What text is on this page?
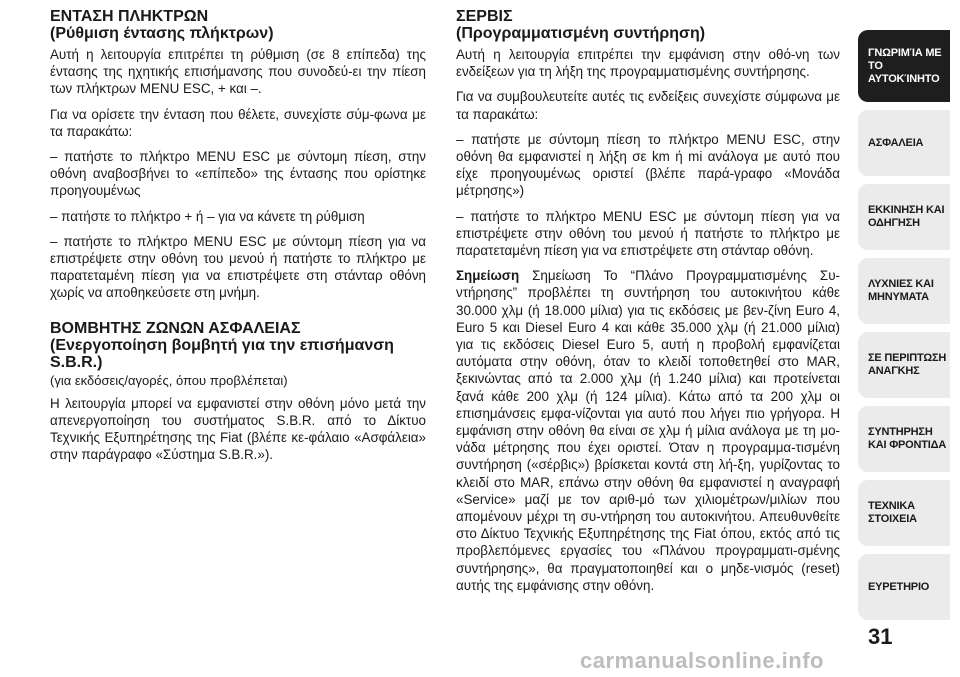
ΕΝΤΑΣΗ ΠΛΗΚΤΡΩΝ
(Ρύθμιση έντασης πλήκτρων)

Αυτή η λειτουργία επιτρέπει τη ρύθμιση (σε 8 επίπεδα) της έντασης της ηχητικής επισήμανσης που συνοδεύ-ει την πίεση των πλήκτρων MENU ESC, + και –.

Για να ορίσετε την ένταση που θέλετε, συνεχίστε σύμ-φωνα με τα παρακάτω:

– πατήστε το πλήκτρο MENU ESC με σύντομη πίεση, στην οθόνη αναβοσβήνει το «επίπεδο» της έντασης που ορίστηκε προηγουμένως

– πατήστε το πλήκτρο + ή – για να κάνετε τη ρύθμιση

– πατήστε το πλήκτρο MENU ESC με σύντομη πίεση για να επιστρέψετε στην οθόνη του μενού ή πατήστε το πλήκτρο με παρατεταμένη πίεση για να επιστρέψετε στη στάνταρ οθόνη χωρίς να αποθηκεύσετε στη μνήμη.

ΒΟΜΒΗΤΗΣ ΖΩΝΩΝ ΑΣΦΑΛΕΙΑΣ
(Ενεργοποίηση βομβητή για την επισήμανση S.B.R.)
(για εκδόσεις/αγορές, όπου προβλέπεται)

Η λειτουργία μπορεί να εμφανιστεί στην οθόνη μόνο μετά την απενεργοποίηση του συστήματος S.B.R. από το Δίκτυο Τεχνικής Εξυπηρέτησης της Fiat (βλέπε κε-φάλαιο «Ασφάλεια» στην παράγραφο «Σύστημα S.B.R.»).

ΣΕΡΒΙΣ
(Προγραμματισμένη συντήρηση)

Αυτή η λειτουργία επιτρέπει την εμφάνιση στην οθό-νη των ενδείξεων για τη λήξη της προγραμματισμένης συντήρησης.

Για να συμβουλευτείτε αυτές τις ενδείξεις συνεχίστε σύμφωνα με τα παρακάτω:

– πατήστε με σύντομη πίεση το πλήκτρο MENU ESC, στην οθόνη θα εμφανιστεί η λήξη σε km ή mi ανάλογα με αυτό που είχε προηγουμένως οριστεί (βλέπε παρά-γραφο «Μονάδα μέτρησης»)

– πατήστε το πλήκτρο MENU ESC με σύντομη πίεση για να επιστρέψετε στην οθόνη του μενού ή πατήστε το πλήκτρο με παρατεταμένη πίεση για να επιστρέψετε στη στάνταρ οθόνη.

Σημείωση Σημείωση Το “Πλάνο Προγραμματισμένης Συ-ντήρησης” προβλέπει τη συντήρηση του αυτοκινήτου κάθε 30.000 χλμ (ή 18.000 μίλια) για τις εκδόσεις με βεν-ζίνη Euro 4, Euro 5 και Diesel Euro 4 και κάθε 35.000 χλμ (ή 21.000 μίλια) για τις εκδόσεις Diesel Euro 5, αυτή η προβολή εμφανίζεται αυτόματα στην οθόνη, όταν το κλειδί τοποθετηθεί στο MAR, ξεκινώντας από τα 2.000 χλμ (ή 1.240 μίλια) και προτείνεται ξανά κάθε 200 χλμ (ή 124 μίλια). Κάτω από τα 200 χλμ οι επισημάνσεις εμφα-νίζονται για αυτό που λήγει πιο γρήγορα. Η εμφάνιση στην οθόνη θα είναι σε χλμ ή μίλια ανάλογα με τη μο-νάδα μέτρησης που έχει οριστεί. Όταν η προγραμμα-τισμένη συντήρηση («σέρβις») βρίσκεται κοντά στη λή-ξη, γυρίζοντας το κλειδί στο MAR, επάνω στην οθόνη θα εμφανιστεί η αναγραφή «Service» μαζί με τον αριθ-μό των χιλιομέτρων/μιλίων που απομένουν μέχρι τη συ-ντήρηση του αυτοκινήτου. Απευθυνθείτε στο Δίκτυο Τεχνικής Εξυπηρέτησης της Fiat όπου, εκτός από τις προβλεπόμενες εργασίες του «Πλάνου προγραμματι-σμένης συντήρησης», θα πραγματοποιηθεί και ο μηδε-νισμός (reset) αυτής της εμφάνισης στην οθόνη.

ΓΝΩΡΙΜΊΑ ΜΕ ΤΟ ΑΥΤΟΚΊΝΗΤΟ
ΑΣΦΑΛΕΙΑ
ΕΚΚΙΝΗΣΗ ΚΑΙ ΟΔΗΓΗΣΗ
ΛΥΧΝΙΕΣ ΚΑΙ ΜΗΝΥΜΑΤΑ
ΣΕ ΠΕΡΙΠΤΩΣΗ ΑΝΑΓΚΗΣ
ΣΥΝΤΗΡΗΣΗ ΚΑΙ ΦΡΟΝΤΙΔΑ
ΤΕΧΝΙΚΑ ΣΤΟΙΧΕΙΑ
ΕΥΡΕΤΗΡΙΟ
31
carmanualsonline.info
